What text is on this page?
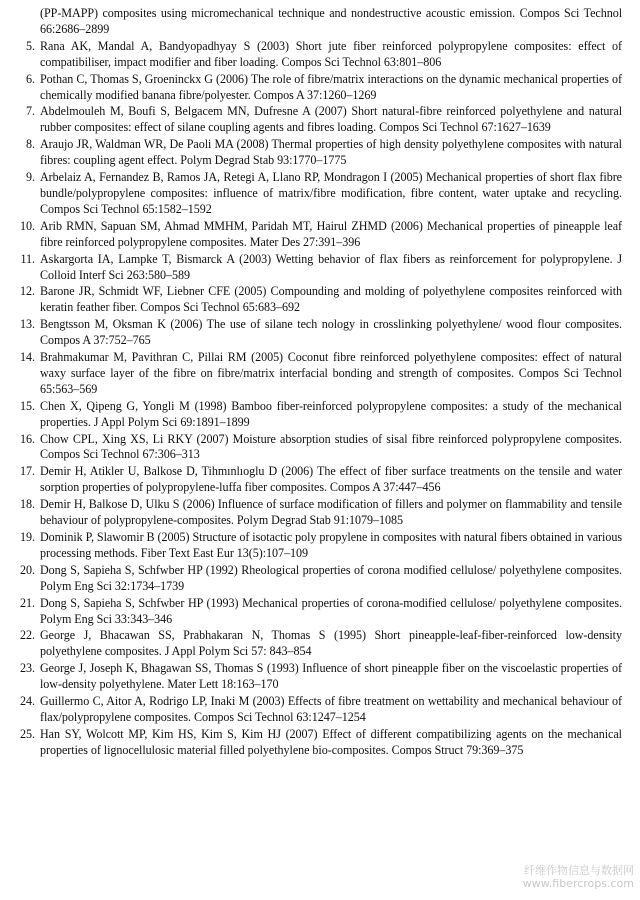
(PP-MAPP) composites using micromechanical technique and nondestructive acoustic emission. Compos Sci Technol 66:2686–2899
5. Rana AK, Mandal A, Bandyopadhyay S (2003) Short jute fiber reinforced polypropylene composites: effect of compatibiliser, impact modifier and fiber loading. Compos Sci Technol 63:801–806
6. Pothan C, Thomas S, Groeninckx G (2006) The role of fibre/matrix interactions on the dynamic mechanical properties of chemically modified banana fibre/polyester. Compos A 37:1260–1269
7. Abdelmouleh M, Boufi S, Belgacem MN, Dufresne A (2007) Short natural-fibre reinforced polyethylene and natural rubber composites: effect of silane coupling agents and fibres loading. Compos Sci Technol 67:1627–1639
8. Araujo JR, Waldman WR, De Paoli MA (2008) Thermal properties of high density polyethylene composites with natural fibres: coupling agent effect. Polym Degrad Stab 93:1770–1775
9. Arbelaiz A, Fernandez B, Ramos JA, Retegi A, Llano RP, Mondragon I (2005) Mechanical properties of short flax fibre bundle/polypropylene composites: influence of matrix/fibre modification, fibre content, water uptake and recycling. Compos Sci Technol 65:1582–1592
10. Arib RMN, Sapuan SM, Ahmad MMHM, Paridah MT, Hairul ZHMD (2006) Mechanical properties of pineapple leaf fibre reinforced polypropylene composites. Mater Des 27:391–396
11. Askargorta IA, Lampke T, Bismarck A (2003) Wetting behavior of flax fibers as reinforcement for polypropylene. J Colloid Interf Sci 263:580–589
12. Barone JR, Schmidt WF, Liebner CFE (2005) Compounding and molding of polyethylene composites reinforced with keratin feather fiber. Compos Sci Technol 65:683–692
13. Bengtsson M, Oksman K (2006) The use of silane tech nology in crosslinking polyethylene/ wood flour composites. Compos A 37:752–765
14. Brahmakumar M, Pavithran C, Pillai RM (2005) Coconut fibre reinforced polyethylene composites: effect of natural waxy surface layer of the fibre on fibre/matrix interfacial bonding and strength of composites. Compos Sci Technol 65:563–569
15. Chen X, Qipeng G, Yongli M (1998) Bamboo fiber-reinforced polypropylene composites: a study of the mechanical properties. J Appl Polym Sci 69:1891–1899
16. Chow CPL, Xing XS, Li RKY (2007) Moisture absorption studies of sisal fibre reinforced polypropylene composites. Compos Sci Technol 67:306–313
17. Demir H, Atikler U, Balkose D, Tihmınlıoglu D (2006) The effect of fiber surface treatments on the tensile and water sorption properties of polypropylene-luffa fiber composites. Compos A 37:447–456
18. Demir H, Balkose D, Ulku S (2006) Influence of surface modification of fillers and polymer on flammability and tensile behaviour of polypropylene-composites. Polym Degrad Stab 91:1079–1085
19. Dominik P, Slawomir B (2005) Structure of isotactic poly propylene in composites with natural fibers obtained in various processing methods. Fiber Text East Eur 13(5):107–109
20. Dong S, Sapieha S, Schfwber HP (1992) Rheological properties of corona modified cellulose/ polyethylene composites. Polym Eng Sci 32:1734–1739
21. Dong S, Sapieha S, Schfwber HP (1993) Mechanical properties of corona-modified cellulose/ polyethylene composites. Polym Eng Sci 33:343–346
22. George J, Bhacawan SS, Prabhakaran N, Thomas S (1995) Short pineapple-leaf-fiber-reinforced low-density polyethylene composites. J Appl Polym Sci 57: 843–854
23. George J, Joseph K, Bhagawan SS, Thomas S (1993) Influence of short pineapple fiber on the viscoelastic properties of low-density polyethylene. Mater Lett 18:163–170
24. Guillermo C, Aitor A, Rodrigo LP, Inaki M (2003) Effects of fibre treatment on wettability and mechanical behaviour of flax/polypropylene composites. Compos Sci Technol 63:1247–1254
25. Han SY, Wolcott MP, Kim HS, Kim S, Kim HJ (2007) Effect of different compatibilizing agents on the mechanical properties of lignocellulosic material filled polyethylene bio-composites. Compos Struct 79:369–375
纤维作物信息与数据网
www.fibercrops.com
